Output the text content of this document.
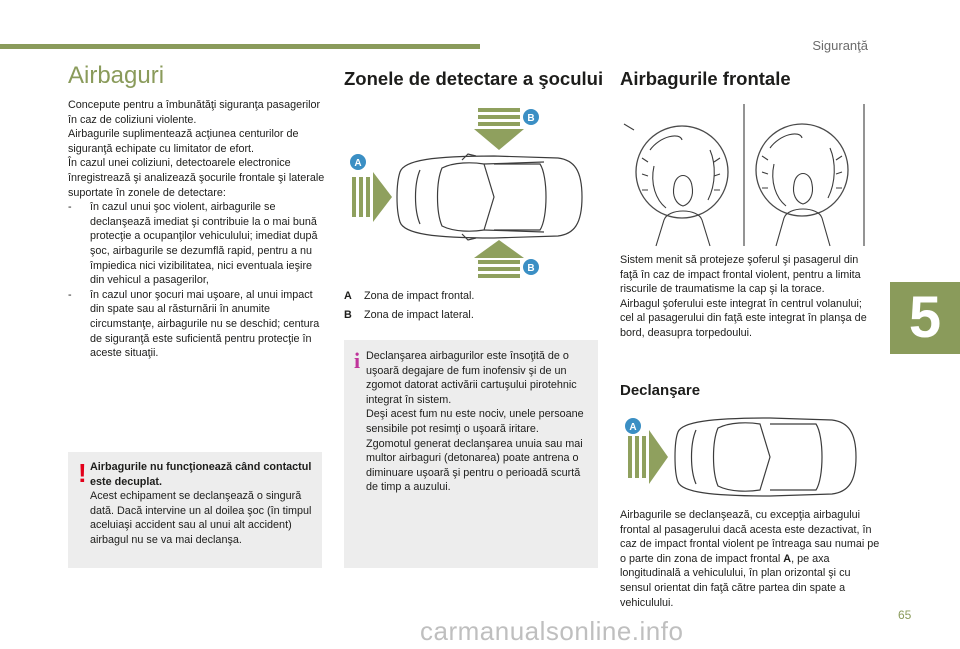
Siguranţă
5
65
carmanualsonline.info
Airbaguri

Concepute pentru a îmbunătăţi siguranţa pasagerilor în caz de coliziuni violente.

Airbagurile suplimentează acţiunea centurilor de siguranţă echipate cu limitator de efort.

În cazul unei coliziuni, detectoarele electronice înregistrează şi analizează şocurile frontale şi laterale suportate în zonele de detectare:

-	în cazul unui şoc violent, airbagurile se declanşează imediat şi contribuie la o mai bună protecţie a ocupanţilor vehiculului; imediat după şoc, airbagurile se dezumflă rapid, pentru a nu împiedica nici vizibilitatea, nici eventuala ieşire din vehicul a pasagerilor,
-	în cazul unor şocuri mai uşoare, al unui impact din spate sau al răsturnării în anumite circumstanţe, airbagurile nu se deschid; centura de siguranţă este suficientă pentru protecţie în aceste situaţii.
! Airbagurile nu funcţionează când contactul este decuplat.
Acest echipament se declanşează o singură dată. Dacă intervine un al doilea şoc (în timpul aceluiaşi accident sau al unui alt accident) airbagul nu se va mai declanşa.
Zonele de detectare a şocului
B
A
B
A Zona de impact frontal.
B Zona de impact lateral.
i Declanşarea airbagurilor este însoţită de o uşoară degajare de fum inofensiv şi de un zgomot datorat activării cartuşului pirotehnic integrat în sistem.

Deşi acest fum nu este nociv, unele persoane sensibile pot resimţi o uşoară iritare.

Zgomotul generat declanşarea unuia sau mai multor airbaguri (detonarea) poate antrena o diminuare uşoară şi pentru o perioadă scurtă de timp a auzului.

Airbagurile frontale

Sistem menit să protejeze şoferul şi pasagerul din faţă în caz de impact frontal violent, pentru a limita riscurile de traumatisme la cap şi la torace.

Airbagul şoferului este integrat în centrul volanului; cel al pasagerului din faţă este integrat în planşa de bord, deasupra torpedoului.

Declanşare
A
Airbagurile se declanşează, cu excepţia airbagului frontal al pasagerului dacă acesta este dezactivat, în caz de impact frontal violent pe întreaga sau numai pe o parte din zona de impact frontal A, pe axa longitudinală a vehiculului, în plan orizontal şi cu sensul orientat din faţă către partea din spate a vehiculului.
